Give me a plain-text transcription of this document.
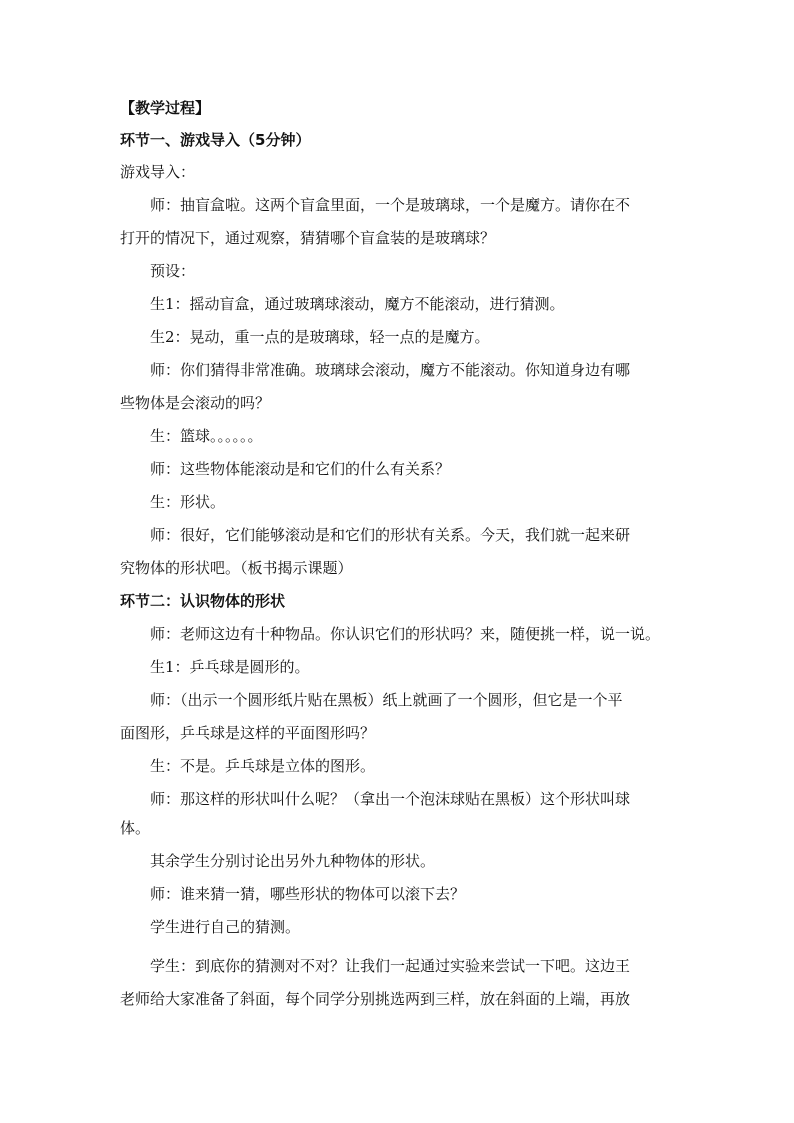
【教学过程】
环节一、游戏导入（5分钟）
游戏导入：
师：抽盲盒啦。这两个盲盒里面，一个是玻璃球，一个是魔方。请你在不
打开的情况下，通过观察，猜猜哪个盲盒装的是玻璃球？
预设：
生1：摇动盲盒，通过玻璃球滚动，魔方不能滚动，进行猜测。
生2：晃动，重一点的是玻璃球，轻一点的是魔方。
师：你们猜得非常准确。玻璃球会滚动，魔方不能滚动。你知道身边有哪
些物体是会滚动的吗？
生：篮球。。。。。。
师：这些物体能滚动是和它们的什么有关系？
生：形状。
师：很好，它们能够滚动是和它们的形状有关系。今天，我们就一起来研
究物体的形状吧。（板书揭示课题）
环节二：认识物体的形状
师：老师这边有十种物品。你认识它们的形状吗？来，随便挑一样，说一说。
生1：乒乓球是圆形的。
师：（出示一个圆形纸片贴在黑板）纸上就画了一个圆形，但它是一个平
面图形，乒乓球是这样的平面图形吗？
生：不是。乒乓球是立体的图形。
师：那这样的形状叫什么呢？（拿出一个泡沫球贴在黑板）这个形状叫球
体。
其余学生分别讨论出另外九种物体的形状。
师：谁来猜一猜，哪些形状的物体可以滚下去？
学生进行自己的猜测。
学生：到底你的猜测对不对？让我们一起通过实验来尝试一下吧。这边王
老师给大家准备了斜面，每个同学分别挑选两到三样，放在斜面的上端，再放
